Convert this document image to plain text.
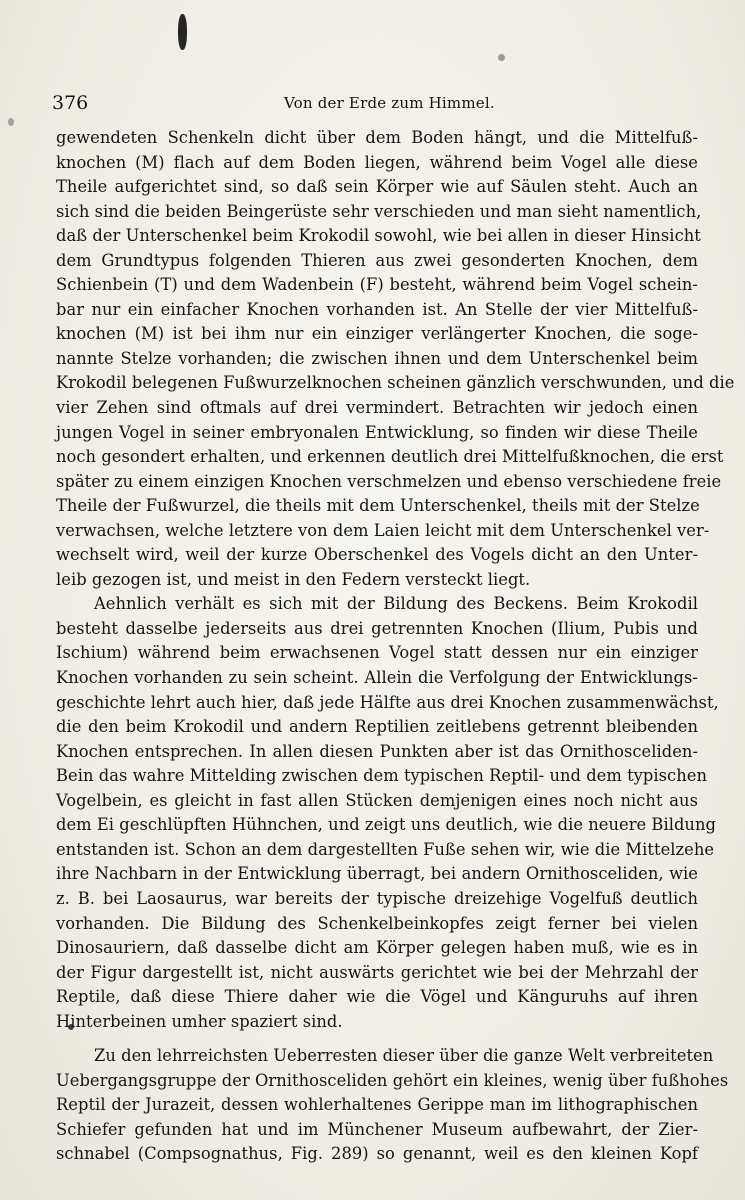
376	Von der Erde zum Himmel.
gewendeten Schenkeln dicht über dem Boden hängt, und die Mittelfuß-
knochen (M) flach auf dem Boden liegen, während beim Vogel alle diese
Theile aufgerichtet sind, so daß sein Körper wie auf Säulen steht. Auch an
sich sind die beiden Beingerüste sehr verschieden und man sieht namentlich,
daß der Unterschenkel beim Krokodil sowohl, wie bei allen in dieser Hinsicht
dem Grundtypus folgenden Thieren aus zwei gesonderten Knochen, dem
Schienbein (T) und dem Wadenbein (F) besteht, während beim Vogel schein-
bar nur ein einfacher Knochen vorhanden ist. An Stelle der vier Mittelfuß-
knochen (M) ist bei ihm nur ein einziger verlängerter Knochen, die soge-
nannte Stelze vorhanden; die zwischen ihnen und dem Unterschenkel beim
Krokodil belegenen Fußwurzelknochen scheinen gänzlich verschwunden, und die
vier Zehen sind oftmals auf drei vermindert. Betrachten wir jedoch einen
jungen Vogel in seiner embryonalen Entwicklung, so finden wir diese Theile
noch gesondert erhalten, und erkennen deutlich drei Mittelfußknochen, die erst
später zu einem einzigen Knochen verschmelzen und ebenso verschiedene freie
Theile der Fußwurzel, die theils mit dem Unterschenkel, theils mit der Stelze
verwachsen, welche letztere von dem Laien leicht mit dem Unterschenkel ver-
wechselt wird, weil der kurze Oberschenkel des Vogels dicht an den Unter-
leib gezogen ist, und meist in den Federn versteckt liegt.
Aehnlich verhält es sich mit der Bildung des Beckens. Beim Krokodil
besteht dasselbe jederseits aus drei getrennten Knochen (Ilium, Pubis und
Ischium) während beim erwachsenen Vogel statt dessen nur ein einziger
Knochen vorhanden zu sein scheint. Allein die Verfolgung der Entwicklungs-
geschichte lehrt auch hier, daß jede Hälfte aus drei Knochen zusammenwächst,
die den beim Krokodil und andern Reptilien zeitlebens getrennt bleibenden
Knochen entsprechen. In allen diesen Punkten aber ist das Ornithosceliden-
Bein das wahre Mittelding zwischen dem typischen Reptil- und dem typischen
Vogelbein, es gleicht in fast allen Stücken demjenigen eines noch nicht aus
dem Ei geschlüpften Hühnchen, und zeigt uns deutlich, wie die neuere Bildung
entstanden ist. Schon an dem dargestellten Fuße sehen wir, wie die Mittelzehe
ihre Nachbarn in der Entwicklung überragt, bei andern Ornithosceliden, wie
z. B. bei Laosaurus, war bereits der typische dreizehige Vogelfuß deutlich
vorhanden. Die Bildung des Schenkelbeinkopfes zeigt ferner bei vielen
Dinosauriern, daß dasselbe dicht am Körper gelegen haben muß, wie es in
der Figur dargestellt ist, nicht auswärts gerichtet wie bei der Mehrzahl der
Reptile, daß diese Thiere daher wie die Vögel und Känguruhs auf ihren
Hinterbeinen umher spaziert sind.
Zu den lehrreichsten Ueberresten dieser über die ganze Welt verbreiteten
Uebergangsgruppe der Ornithosceliden gehört ein kleines, wenig über fußhohes
Reptil der Jurazeit, dessen wohlerhaltenes Gerippe man im lithographischen
Schiefer gefunden hat und im Münchener Museum aufbewahrt, der Zier-
schnabel (Compsognathus, Fig. 289) so genannt, weil es den kleinen Kopf
